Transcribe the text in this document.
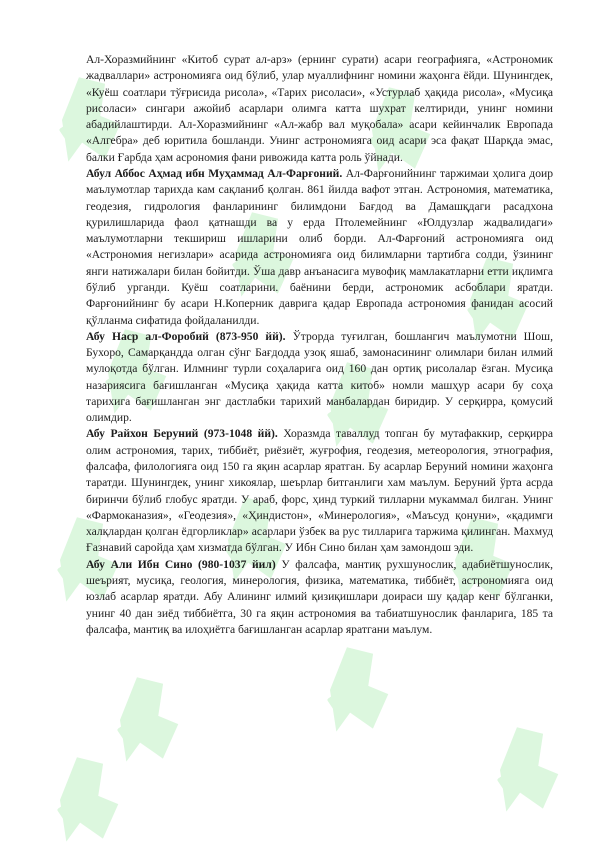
Ал-Хоразмийнинг «Китоб сурат ал-арз» (ернинг сурати) асари географияга, «Астрономик жадваллари» астрономияга оид бўлиб, улар муаллифнинг номини жаҳонга ёйди. Шунингдек, «Куёш соатлари тўғрисида рисола», «Тарих рисоласи», «Устурлаб ҳақида рисола», «Мусиқа рисоласи» сингари ажойиб асарлари олимга катта шухрат келтириди, унинг номини абадийлаштирди. Ал-Хоразмийнинг «Ал-жабр вал муқобала» асари кейинчалик Европада «Алгебра» деб юритила бошланди. Унинг астрономияга оид асари эса фақат Шарқда эмас, балки Ғарбда ҳам асрономия фани ривожида катта роль ўйнади.

Абул Аббос Аҳмад ибн Муҳаммад Ал-Фарғоний. Ал-Фарғонийнинг таржимаи ҳолига доир маълумотлар тарихда кам сақланиб қолган. 861 йилда вафот этган. Астрономия, математика, геодезия, гидрология фанларининг билимдони Бағдод ва Дамашқдаги расадхона қурилишларида фаол қатнашди ва у ерда Птолемейнинг «Юлдузлар жадвалидаги» маълумотларни текшириш ишларини олиб борди. Ал-Фарғоний астрономияга оид «Астрономия негизлари» асарида астрономияга оид билимларни тартибга солди, ўзининг янги натижалари билан бойитди. Ўша давр анъанасига мувофиқ мамлакатларни етти иқлимга бўлиб урганди. Куёш соатларини. баёнини берди, астрономик асбоблари яратди. Фарғонийнинг бу асари Н.Коперник даврига қадар Европада астрономия фанидан асосий қўлланма сифатида фойдаланилди.

Абу Наср ал-Форобий (873-950 йй). Ўтрорда туғилган, бошлангич маълумотни Шош, Бухоро, Самарқандда олган сўнг Бағдодда узоқ яшаб, замонасининг олимлари билан илмий мулоқотда бўлган. Илмнинг турли соҳаларига оид 160 дан ортиқ рисолалар ёзган. Мусиқа назариясига бағишланган «Мусиқа ҳақида катта китоб» номли машҳур асари бу соҳа тарихига бағишланган энг дастлабки тарихий манбалардан биридир. У серқирра, қомусий олимдир.

Абу Райхон Беруний (973-1048 йй). Хоразмда таваллуд топган бу мутафаккир, серқирра олим астрономия, тарих, тиббиёт, риёзиёт, жуғрофия, геодезия, метеорология, этнография, фалсафа, филологияга оид 150 га яқин асарлар яратган. Бу асарлар Беруний номини жаҳонга таратди. Шунингдек, унинг хикоялар, шеърлар битганлиги хам маълум. Беруний ўрта асрда биринчи бўлиб глобус яратди. У араб, форс, ҳинд туркий тилларни мукаммал билган. Унинг «Фармоканазия», «Геодезия», «Ҳиндистон», «Минерология», «Маъсуд қонуни», «қадимги халқлардан қолган ёдгорликлар» асарлари ўзбек ва рус тилларига таржима қилинган. Махмуд Ғазнавий саройда ҳам хизматда бўлган. У Ибн Сино билан ҳам замондош эди.

Абу Али Ибн Сино (980-1037 йил) У фалсафа, мантиқ рухшунослик, адабиётшуноcлик, шеърият, мусиқа, геология, минерология, физика, математика, тиббиёт, астрономияга оид юзлаб асарлар яратди. Абу Алининг илмий қизиқишлари доираси шу қадар кенг бўлганки, унинг 40 дан зиёд тиббиётга, 30 га яқин астрономия ва табиатшуноcлик фанларига, 185 та фалсафа, мантиқ ва илоҳиётга бағишланган асарлар яратгани маълум.
